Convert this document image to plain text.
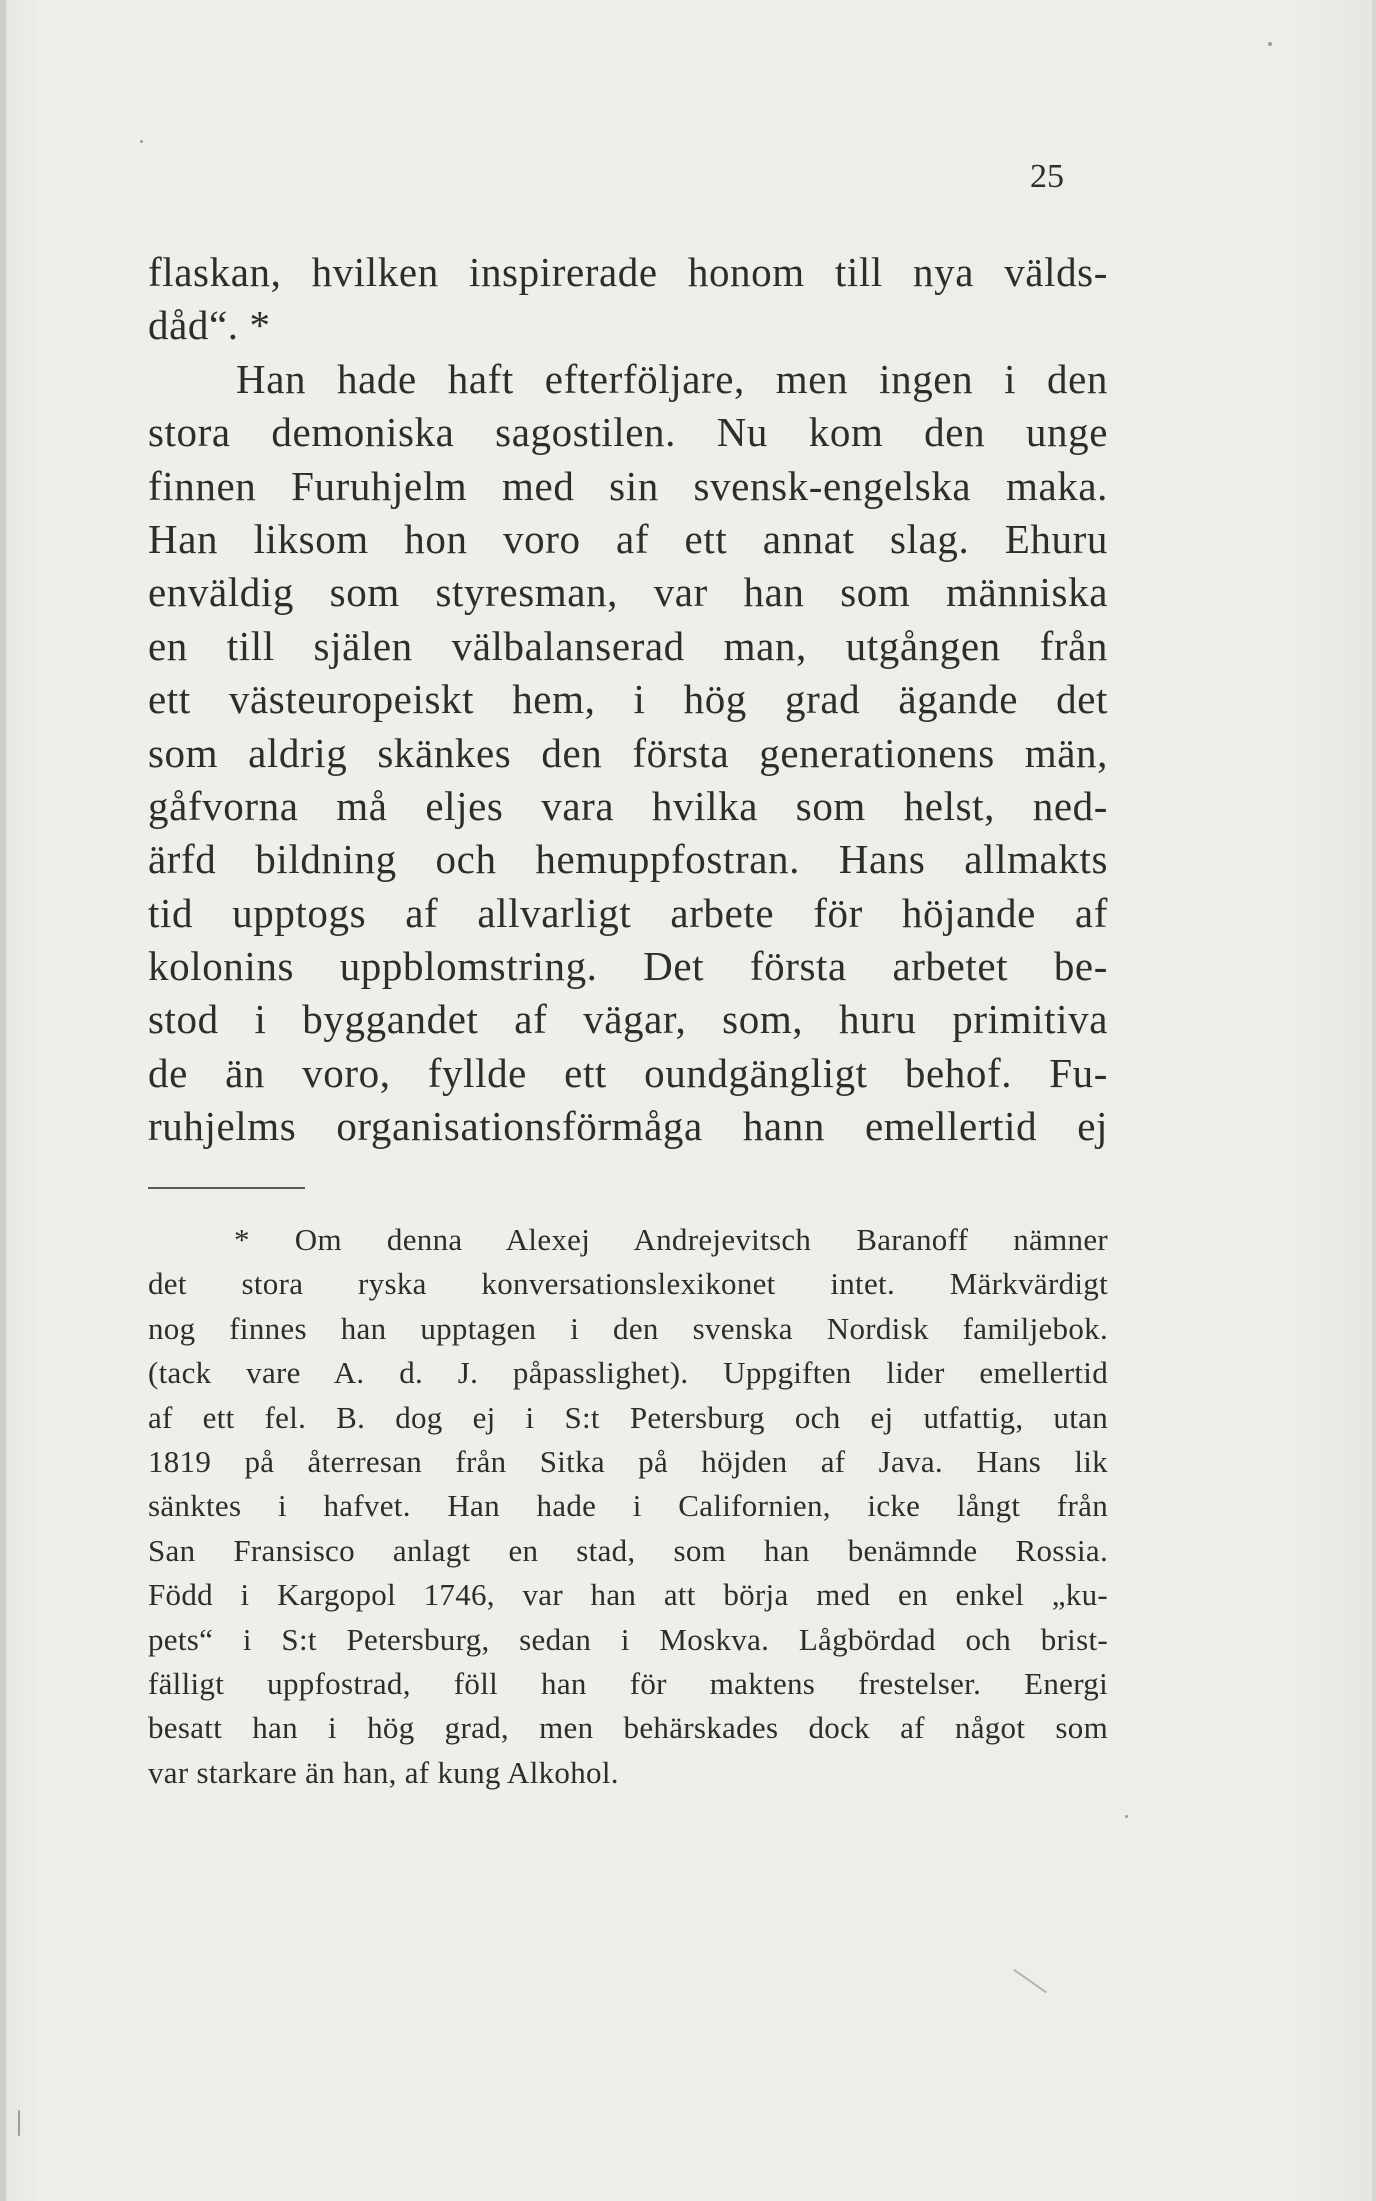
25

flaskan, hvilken inspirerade honom till nya välds-
dåd“. *
Han hade haft efterföljare, men ingen i den
stora demoniska sagostilen. Nu kom den unge
finnen Furuhjelm med sin svensk-engelska maka.
Han liksom hon voro af ett annat slag. Ehuru
enväldig som styresman, var han som människa
en till själen välbalanserad man, utgången från
ett västeuropeiskt hem, i hög grad ägande det
som aldrig skänkes den första generationens män,
gåfvorna må eljes vara hvilka som helst, ned-
ärfd bildning och hemuppfostran. Hans allmakts
tid upptogs af allvarligt arbete för höjande af
kolonins uppblomstring. Det första arbetet be-
stod i byggandet af vägar, som, huru primitiva
de än voro, fyllde ett oundgängligt behof. Fu-
ruhjelms organisationsförmåga hann emellertid ej
* Om denna Alexej Andrejevitsch Baranoff nämner
det stora ryska konversationslexikonet intet. Märkvärdigt
nog finnes han upptagen i den svenska Nordisk familjebok.
(tack vare A. d. J. påpasslighet). Uppgiften lider emellertid
af ett fel. B. dog ej i S:t Petersburg och ej utfattig, utan
1819 på återresan från Sitka på höjden af Java. Hans lik
sänktes i hafvet. Han hade i Californien, icke långt från
San Fransisco anlagt en stad, som han benämnde Rossia.
Född i Kargopol 1746, var han att börja med en enkel „ku-
pets“ i S:t Petersburg, sedan i Moskva. Lågbördad och brist-
fälligt uppfostrad, föll han för maktens frestelser. Energi
besatt han i hög grad, men behärskades dock af något som
var starkare än han, af kung Alkohol.
